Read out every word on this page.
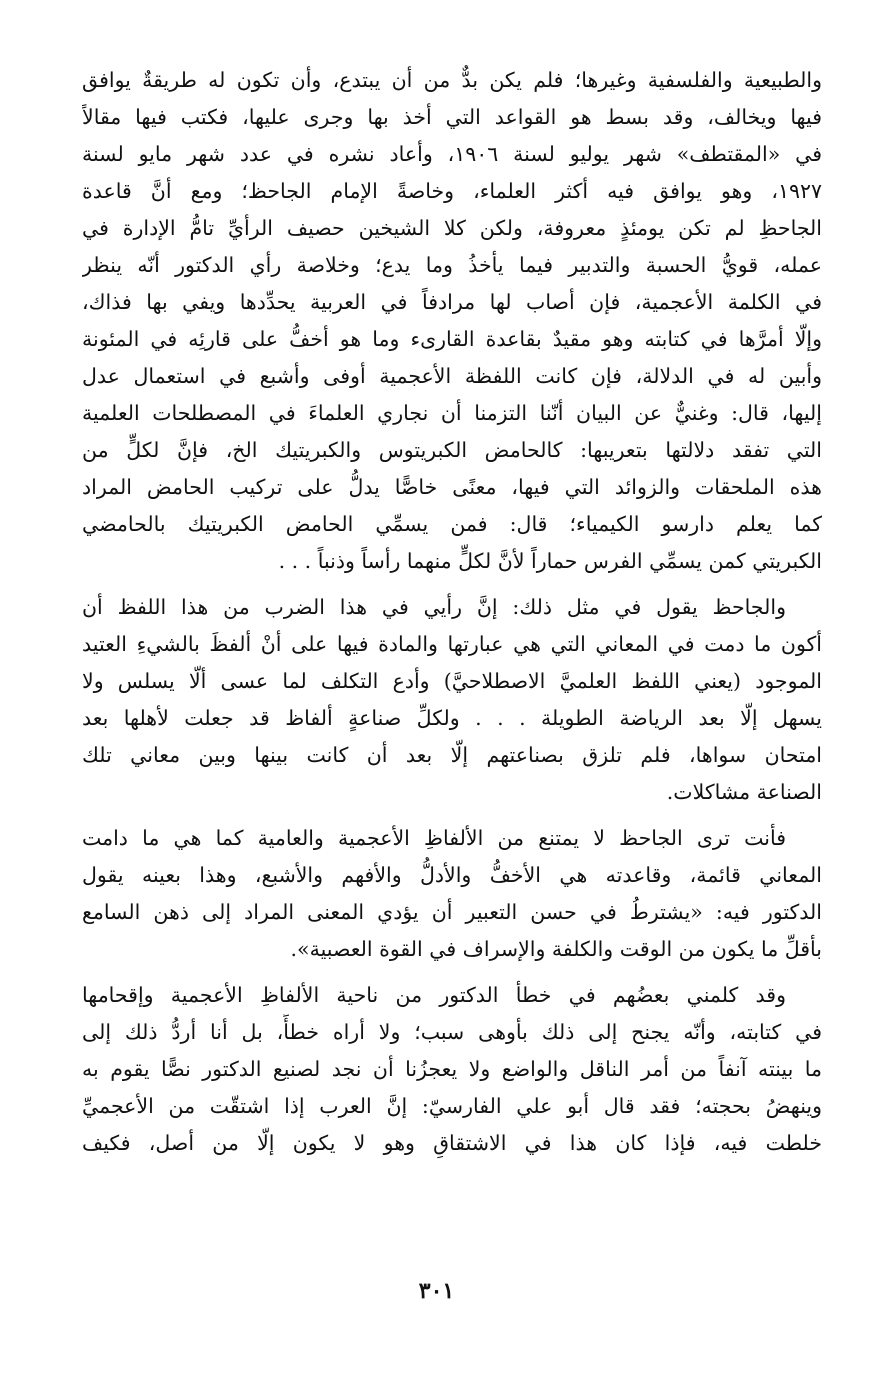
والطبيعية والفلسفية وغيرها؛ فلم يكن بدٌّ من أن يبتدع، وأن تكون له طريقةٌ يوافق
فيها ويخالف، وقد بسط هو القواعد التي أخذ بها وجرى عليها، فكتب فيها مقالاً
في «المقتطف» شهر يوليو لسنة ١٩٠٦، وأعاد نشره في عدد شهر مايو لسنة
١٩٢٧، وهو يوافق فيه أكثر العلماء، وخاصةً الإمام الجاحظ؛ ومع أنَّ قاعدة
الجاحظِ لم تكن يومئذٍ معروفة، ولكن كلا الشيخين حصيف الرأيِّ تامُّ الإدارة في
عمله، قويُّ الحسبة والتدبير فيما يأخذُ وما يدع؛ وخلاصة رأي الدكتور أنّه ينظر
في الكلمة الأعجمية، فإن أصاب لها مرادفاً في العربية يحدِّدها ويفي بها فذاك،
وإلّا أمرَّها في كتابته وهو مقيدٌ بقاعدة القارىء وما هو أخفُّ على قارئِه في المئونة
وأبين له في الدلالة، فإن كانت اللفظة الأعجمية أوفى وأشبع في استعمال عدل
إليها، قال: وغنيٌّ عن البيان أنّنا التزمنا أن نجاري العلماءَ في المصطلحات العلمية
التي تفقد دلالتها بتعريبها: كالحامض الكبريتوس والكبريتيك الخ، فإنَّ لكلٍّ من
هذه الملحقات والزوائد التي فيها، معنًى خاصًّا يدلُّ على تركيب الحامض المراد
كما يعلم دارسو الكيمياء؛ قال: فمن يسمِّي الحامض الكبريتيك بالحامضي
الكبريتي كمن يسمِّي الفرس حماراً لأنَّ لكلٍّ منهما رأساً وذنباً . . .
والجاحظ يقول في مثل ذلك: إنَّ رأيي في هذا الضرب من هذا اللفظ أن
أكون ما دمت في المعاني التي هي عبارتها والمادة فيها على أنْ ألفظَ بالشيءِ العتيد
الموجود (يعني اللفظ العلميَّ الاصطلاحيَّ) وأدع التكلف لما عسى ألّا يسلس ولا
يسهل إلّا بعد الرياضة الطويلة . . . ولكلِّ صناعةٍ ألفاظ قد جعلت لأهلها بعد
امتحان سواها، فلم تلزق بصناعتهم إلّا بعد أن كانت بينها وبين معاني تلك
الصناعة مشاكلات.
فأنت ترى الجاحظ لا يمتنع من الألفاظِ الأعجمية والعامية كما هي ما دامت
المعاني قائمة، وقاعدته هي الأخفُّ والأدلُّ والأفهم والأشبع، وهذا بعينه يقول
الدكتور فيه: «يشترطُ في حسن التعبير أن يؤدي المعنى المراد إلى ذهن السامع
بأقلِّ ما يكون من الوقت والكلفة والإسراف في القوة العصبية».
وقد كلمني بعضُهم في خطأ الدكتور من ناحية الألفاظِ الأعجمية وإقحامها
في كتابته، وأنّه يجنح إلى ذلك بأوهى سبب؛ ولا أراه خطأً، بل أنا أردُّ ذلك إلى
ما بينته آنفاً من أمر الناقل والواضع ولا يعجزُنا أن نجد لصنيع الدكتور نصًّا يقوم به
وينهضُ بحجته؛ فقد قال أبو علي الفارسيّ: إنَّ العرب إذا اشتقّت من الأعجميِّ
خلطت فيه، فإذا كان هذا في الاشتقاقِ وهو لا يكون إلّا من أصل، فكيف
٣٠١
